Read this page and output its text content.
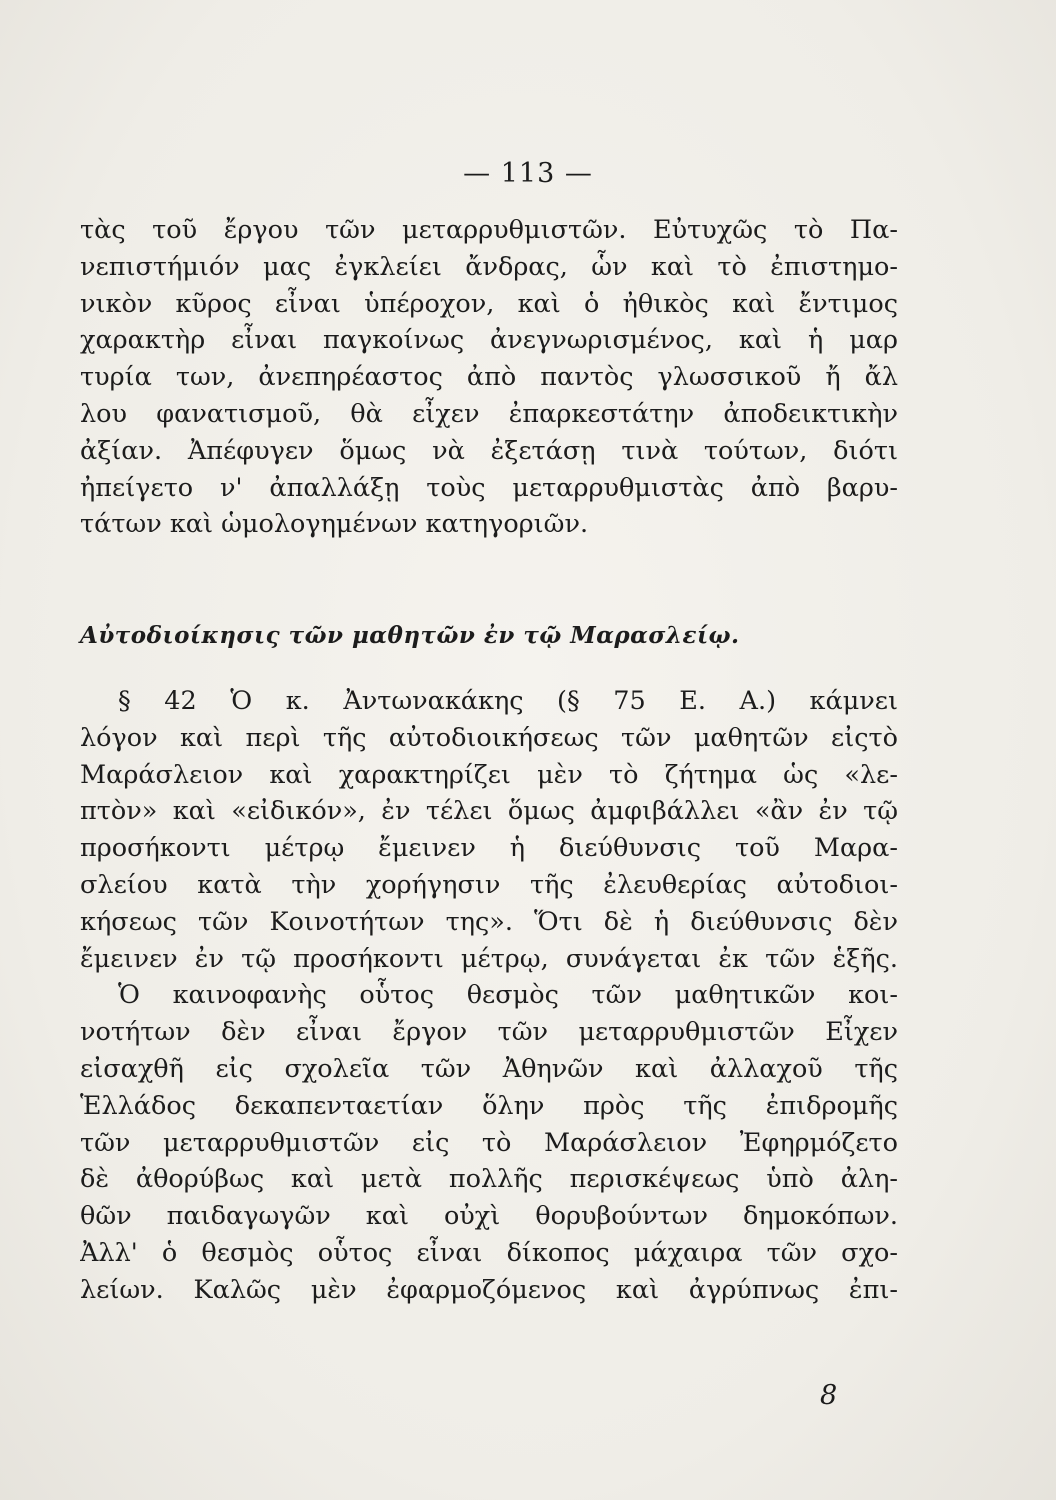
— 113 —
τὰς τοῦ ἔργου τῶν μεταρρυθμιστῶν. Εὐτυχῶς τὸ Πα-
νεπιστήμιόν μας ἐγκλείει ἄνδρας, ὧν καὶ τὸ ἐπιστημο-
νικὸν κῦρος εἶναι ὑπέροχον, καὶ ὁ ἠθικὸς καὶ ἔντιμος
χαρακτὴρ εἶναι παγκοίνως ἀνεγνωρισμένος, καὶ ἡ μαρ
τυρία των, ἀνεπηρέαστος ἀπὸ παντὸς γλωσσικοῦ ἤ ἄλ
λου φανατισμοῦ, θὰ εἶχεν ἐπαρκεστάτην ἀποδεικτικὴν
ἀξίαν. Ἀπέφυγεν ὅμως νὰ ἐξετάσῃ τινὰ τούτων, διότι
ἠπείγετο ν' ἀπαλλάξῃ τοὺς μεταρρυθμιστὰς ἀπὸ βαρυ-
τάτων καὶ ὡμολογημένων κατηγοριῶν.
Αὐτοδιοίκησις τῶν μαθητῶν ἐν τῷ Μαρασλείῳ.
§ 42 Ὁ κ. Ἀντωνακάκης (§ 75 Ε. Α.) κάμνει
λόγον καὶ περὶ τῆς αὐτοδιοικήσεως τῶν μαθητῶν εἰςτὸ
Μαράσλειον καὶ χαρακτηρίζει μὲν τὸ ζήτημα ὡς «λε-
πτὸν» καὶ «εἰδικόν», ἐν τέλει ὅμως ἀμφιβάλλει «ἂν ἐν τῷ
προσήκοντι μέτρῳ ἔμεινεν ἡ διεύθυνσις τοῦ Μαρα-
σλείου κατὰ τὴν χορήγησιν τῆς ἐλευθερίας αὐτοδιοι-
κήσεως τῶν Κοινοτήτων της». Ὅτι δὲ ἡ διεύθυνσις δὲν
ἔμεινεν ἐν τῷ προσήκοντι μέτρῳ, συνάγεται ἐκ τῶν ἑξῆς.
Ὁ καινοφανὴς οὗτος θεσμὸς τῶν μαθητικῶν κοι-
νοτήτων δὲν εἶναι ἔργον τῶν μεταρρυθμιστῶν Εἶχεν
εἰσαχθῆ εἰς σχολεῖα τῶν Ἀθηνῶν καὶ ἀλλαχοῦ τῆς
Ἑλλάδος δεκαπενταετίαν ὅλην πρὸς τῆς ἐπιδρομῆς
τῶν μεταρρυθμιστῶν εἰς τὸ Μαράσλειον Ἐφηρμόζετο
δὲ ἀθορύβως καὶ μετὰ πολλῆς περισκέψεως ὑπὸ ἀλη-
θῶν παιδαγωγῶν καὶ οὐχὶ θορυβούντων δημοκόπων.
Ἀλλ' ὁ θεσμὸς οὗτος εἶναι δίκοπος μάχαιρα τῶν σχο-
λείων. Καλῶς μὲν ἐφαρμοζόμενος καὶ ἀγρύπνως ἐπι-
8
